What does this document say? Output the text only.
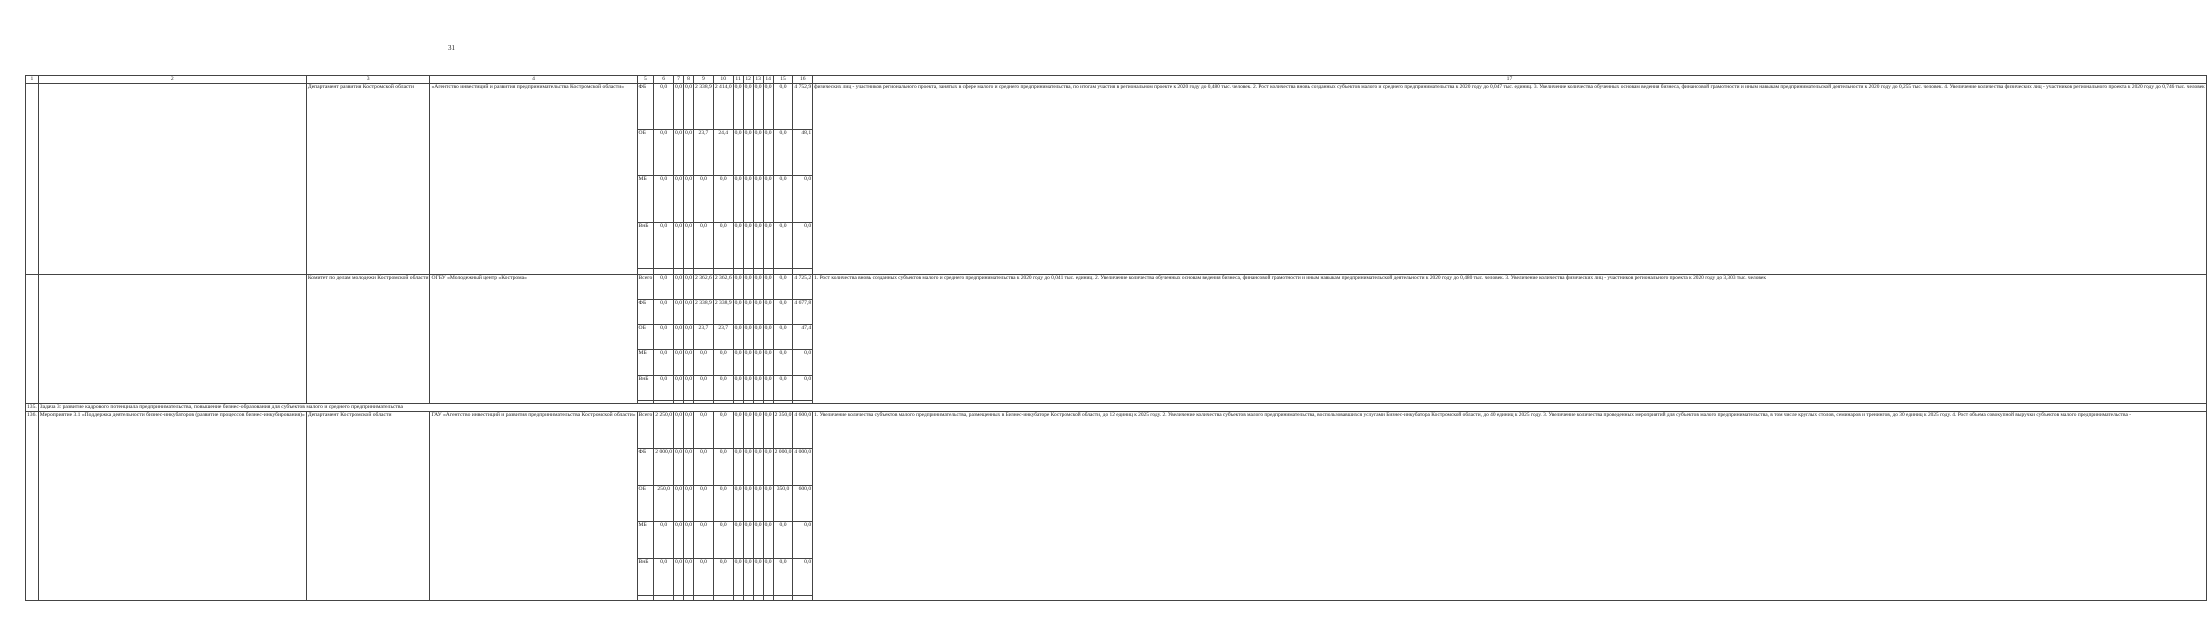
31
1	2	3	4	5	6	7	8	9	10	11	12	13	14	15	16	17
		Департамент развития Костромской области	«Агентство инвестиций и развития предпринимательства Костромской области»	ФБ	0,0	0,0	0,0	2 338,9	2 414,0	0,0	0,0	0,0	0,0	0,0	4 752,9	физических лиц - участников регионального проекта, занятых в сфере малого и среднего предпринимательства, по итогам участия в региональном проекте к 2020 году до 0,480 тыс. человек. 2. Рост количества вновь созданных субъектов малого и среднего предпринимательства к 2020 году до 0,047 тыс. единиц. 3. Увеличение количества обученных основам ведения бизнеса, финансовой грамотности и иным навыкам предпринимательской деятельности к 2020 году до 0,255 тыс. человек. 4. Увеличение количества физических лиц - участников регионального проекта к 2020 году до 0,746 тыс. человек
				ОБ	0,0	0,0	0,0	23,7	24,4	0,0	0,0	0,0	0,0	0,0	48,1	
				МБ	0,0	0,0	0,0	0,0	0,0	0,0	0,0	0,0	0,0	0,0	0,0	
				ВнБ	0,0	0,0	0,0	0,0	0,0	0,0	0,0	0,0	0,0	0,0	0,0	

		Комитет по делам молодежи Костромской области	ОГБУ «Молодежный центр «Кострома»	Всего	0,0	0,0	0,0	2 362,6	2 362,6	0,0	0,0	0,0	0,0	0,0	4 725,2	1. Рост количества вновь созданных субъектов малого и среднего предпринимательства к 2020 году до 0,041 тыс. единиц. 2. Увеличение количества обученных основам ведения бизнеса, финансовой грамотности и иным навыкам предпринимательской деятельности к 2020 году до 0,480 тыс. человек. 3. Увеличение количества физических лиц - участников регионального проекта к 2020 году до 3,303 тыс. человек
				ФБ	0,0	0,0	0,0	2 338,9	2 338,9	0,0	0,0	0,0	0,0	0,0	4 677,8	
				ОБ	0,0	0,0	0,0	23,7	23,7	0,0	0,0	0,0	0,0	0,0	47,4	
				МБ	0,0	0,0	0,0	0,0	0,0	0,0	0,0	0,0	0,0	0,0	0,0	
				ВнБ	0,0	0,0	0,0	0,0	0,0	0,0	0,0	0,0	0,0	0,0	0,0	

135.	Задача 3: развитие кадрового потенциала предпринимательства, повышение бизнес-образования для субъектов малого и среднего предпринимательства															
136.	Мероприятие 3.1 «Поддержка деятельности бизнес-инкубаторов (развитие процессов бизнес-инкубирования)»	Департамент Костромской области	ГАУ «Агентство инвестиций и развития предпринимательства Костромской области»	Всего	2 250,0	0,0	0,0	0,0	0,0	0,0	0,0	0,0	0,0	2 350,0	4 600,0	1. Увеличение количества субъектов малого предпринимательства, размещенных в Бизнес-инкубаторе Костромской области, до 12 единиц к 2025 году. 2. Увеличение количества субъектов малого предпринимательства, воспользовавшихся услугами Бизнес-инкубатора Костромской области, до 40 единиц к 2025 году. 3. Увеличение количества проведенных мероприятий для субъектов малого предпринимательства, в том числе круглых столов, семинаров и тренингов, до 30 единиц к 2025 году. 4. Рост объема совокупной выручки субъектов малого предпринимательства -
				ФБ	2 000,0	0,0	0,0	0,0	0,0	0,0	0,0	0,0	0,0	2 000,0	4 000,0	
				ОБ	250,0	0,0	0,0	0,0	0,0	0,0	0,0	0,0	0,0	350,0	600,0	
				МБ	0,0	0,0	0,0	0,0	0,0	0,0	0,0	0,0	0,0	0,0	0,0	
				ВнБ	0,0	0,0	0,0	0,0	0,0	0,0	0,0	0,0	0,0	0,0	0,0	
